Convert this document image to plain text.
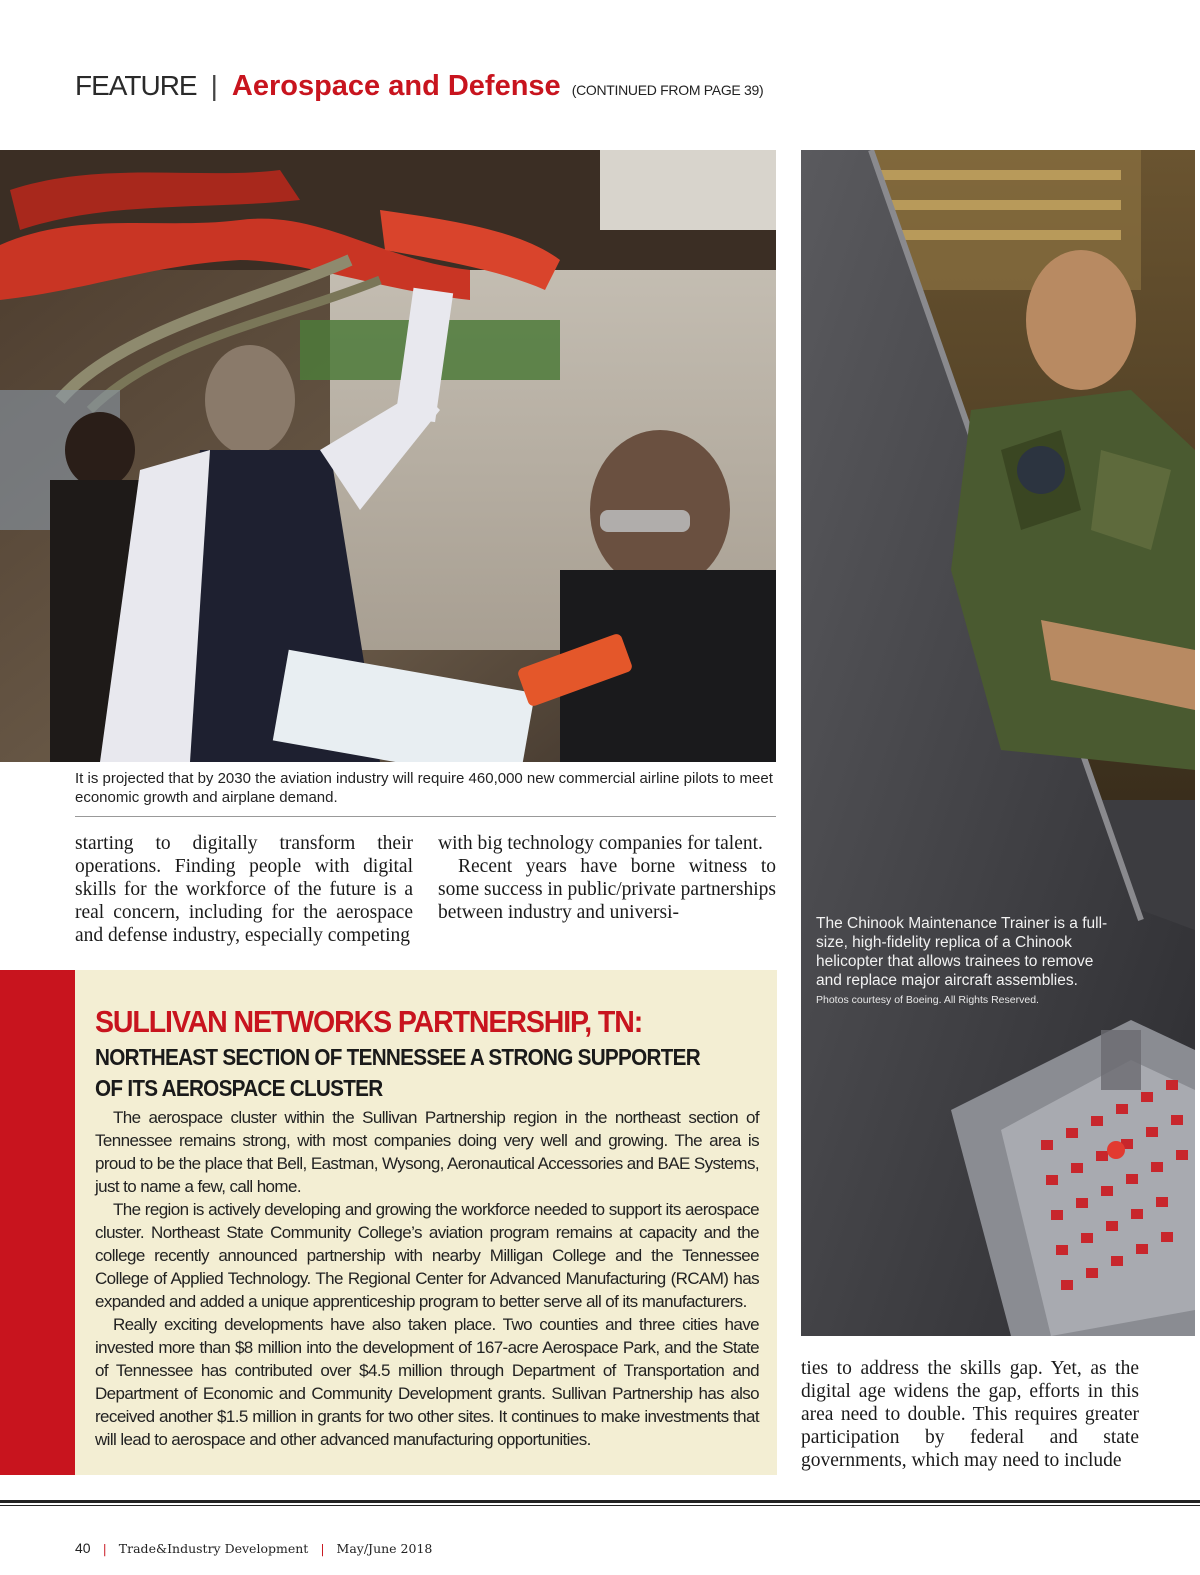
FEATURE | Aerospace and Defense (CONTINUED FROM PAGE 39)
It is projected that by 2030 the aviation industry will require 460,000 new commercial airline pilots to meet economic growth and airplane demand.

starting to digitally transform their operations. Finding people with digital skills for the workforce of the future is a real concern, including for the aerospace and defense industry, especially competing

with big technology companies for talent.

Recent years have borne witness to some success in public/private partnerships between industry and universi-

The Chinook Maintenance Trainer is a full-size, high-fidelity replica of a Chinook helicopter that allows trainees to remove and replace major aircraft assemblies.
Photos courtesy of Boeing. All Rights Reserved.
SULLIVAN NETWORKS PARTNERSHIP, TN:
NORTHEAST SECTION OF TENNESSEE A STRONG SUPPORTER OF ITS AEROSPACE CLUSTER

The aerospace cluster within the Sullivan Partnership region in the northeast section of Tennessee remains strong, with most companies doing very well and growing. The area is proud to be the place that Bell, Eastman, Wysong, Aeronautical Accessories and BAE Systems, just to name a few, call home.

The region is actively developing and growing the workforce needed to support its aerospace cluster. Northeast State Community College’s aviation program remains at capacity and the college recently announced partnership with nearby Milligan College and the Tennessee College of Applied Technology. The Regional Center for Advanced Manufacturing (RCAM) has expanded and added a unique apprenticeship program to better serve all of its manufacturers.

Really exciting developments have also taken place. Two counties and three cities have invested more than $8 million into the development of 167-acre Aerospace Park, and the State of Tennessee has contributed over $4.5 million through Department of Transportation and Department of Economic and Community Development grants. Sullivan Partnership has also received another $1.5 million in grants for two other sites. It continues to make investments that will lead to aerospace and other advanced manufacturing opportunities.

ties to address the skills gap. Yet, as the digital age widens the gap, efforts in this area need to double. This requires greater participation by federal and state governments, which may need to include

40 | Trade&Industry Development | May/June 2018
